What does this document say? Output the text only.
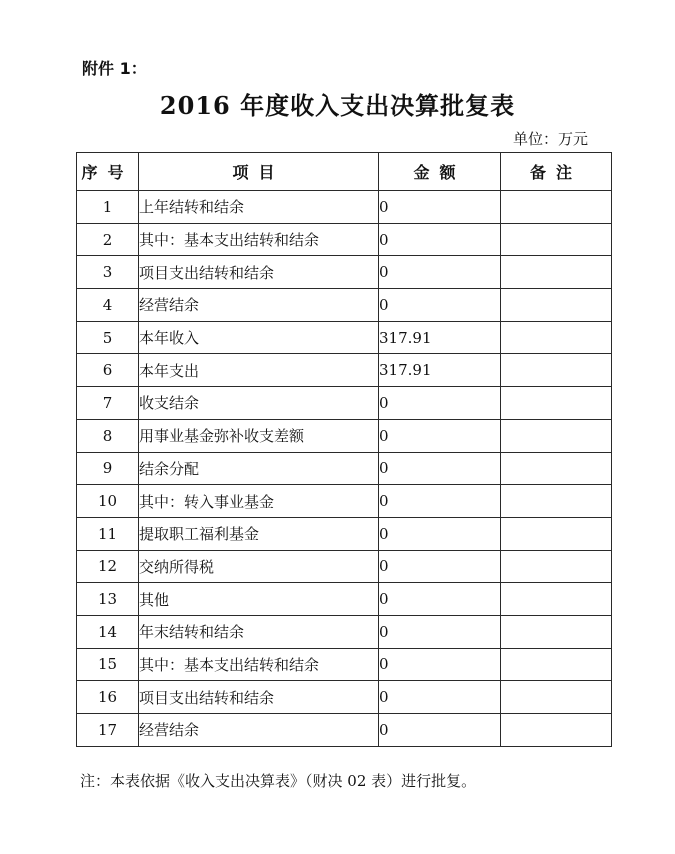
附件 1：
2016 年度收入支出决算批复表
单位：万元
序号	项目	金额	备注
1	上年结转和结余	0	
2	其中：基本支出结转和结余	0	
3	项目支出结转和结余	0	
4	经营结余	0	
5	本年收入	317.91	
6	本年支出	317.91	
7	收支结余	0	
8	用事业基金弥补收支差额	0	
9	结余分配	0	
10	其中：转入事业基金	0	
11	提取职工福利基金	0	
12	交纳所得税	0	
13	其他	0	
14	年末结转和结余	0	
15	其中：基本支出结转和结余	0	
16	项目支出结转和结余	0	
17	经营结余	0	
注：本表依据《收入支出决算表》（财决 02 表）进行批复。
